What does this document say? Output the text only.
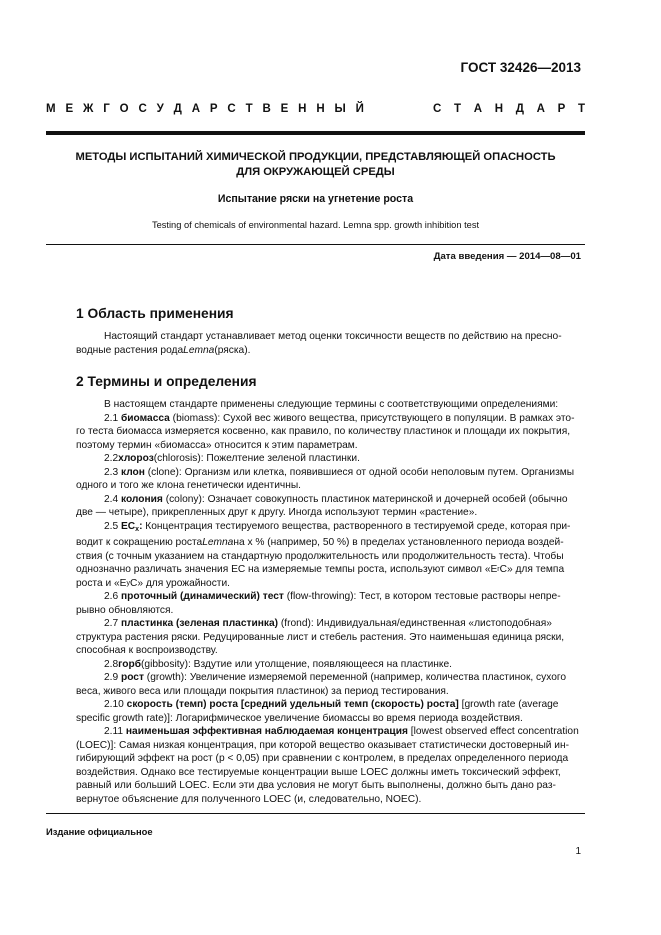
ГОСТ 32426—2013
М Е Ж Г О С У Д А Р С Т В Е Н Н Ы Й	С Т А Н Д А Р Т
МЕТОДЫ ИСПЫТАНИЙ ХИМИЧЕСКОЙ ПРОДУКЦИИ, ПРЕДСТАВЛЯЮЩЕЙ ОПАСНОСТЬ
ДЛЯ ОКРУЖАЮЩЕЙ СРЕДЫ
Испытание ряски на угнетение роста
Testing of chemicals of environmental hazard. Lemna spp. growth inhibition test
Дата введения — 2014—08—01
1 Область применения
Настоящий стандарт устанавливает метод оценки токсичности веществ по действию на пресно-
водные растения рода Lemna (ряска).
2 Термины и определения
В настоящем стандарте применены следующие термины с соответствующими определениями:
2.1 биомасса (biomass): Сухой вес живого вещества, присутствующего в популяции. В рамках это-
го теста биомасса измеряется косвенно, как правило, по количеству пластинок и площади их покрытия,
поэтому термин «биомасса» относится к этим параметрам.
2.2 хлороз (chlorosis): Пожелтение зеленой пластинки.
2.3 клон (clone): Организм или клетка, появившиеся от одной особи неполовым путем. Организмы
одного и того же клона генетически идентичны.
2.4 колония (colony): Означает совокупность пластинок материнской и дочерней особей (обычно
две — четыре), прикрепленных друг к другу. Иногда используют термин «растение».
2.5 $EC_x$: Концентрация тестируемого вещества, растворенного в тестируемой среде, которая при-
водит к сокращению роста Lemna на x % (например, 50 %) в пределах установленного периода воздей-
ствия (с точным указанием на стандартную продолжительность или продолжительность теста). Чтобы
однозначно различать значения EC на измеряемые темпы роста, используют символ «E r C» для темпа
роста и «E y C» для урожайности.
2.6 проточный (динамический) тест (flow-throwing): Тест, в котором тестовые растворы непре-
рывно обновляются.
2.7 пластинка (зеленая пластинка) (frond): Индивидуальная/единственная «листоподобная»
структура растения ряски. Редуцированные лист и стебель растения. Это наименьшая единица ряски,
способная к воспроизводству.
2.8 горб (gibbosity): Вздутие или утолщение, появляющееся на пластинке.
2.9 рост (growth): Увеличение измеряемой переменной (например, количества пластинок, сухого
веса, живого веса или площади покрытия пластинок) за период тестирования.
2.10 скорость (темп) роста [средний удельный темп (скорость) роста] [growth rate (average
specific growth rate)]: Логарифмическое увеличение биомассы во время периода воздействия.
2.11 наименьшая эффективная наблюдаемая концентрация [lowest observed effect concentration
(LOEC)]: Самая низкая концентрация, при которой вещество оказывает статистически достоверный ин-
гибирующий эффект на рост (p < 0,05) при сравнении с контролем, в пределах определенного периода
воздействия. Однако все тестируемые концентрации выше LOEC должны иметь токсический эффект,
равный или больший LOEC. Если эти два условия не могут быть выполнены, должно быть дано раз-
вернутое объяснение для полученного LOEC (и, следовательно, NOEC).
Издание официальное
1
